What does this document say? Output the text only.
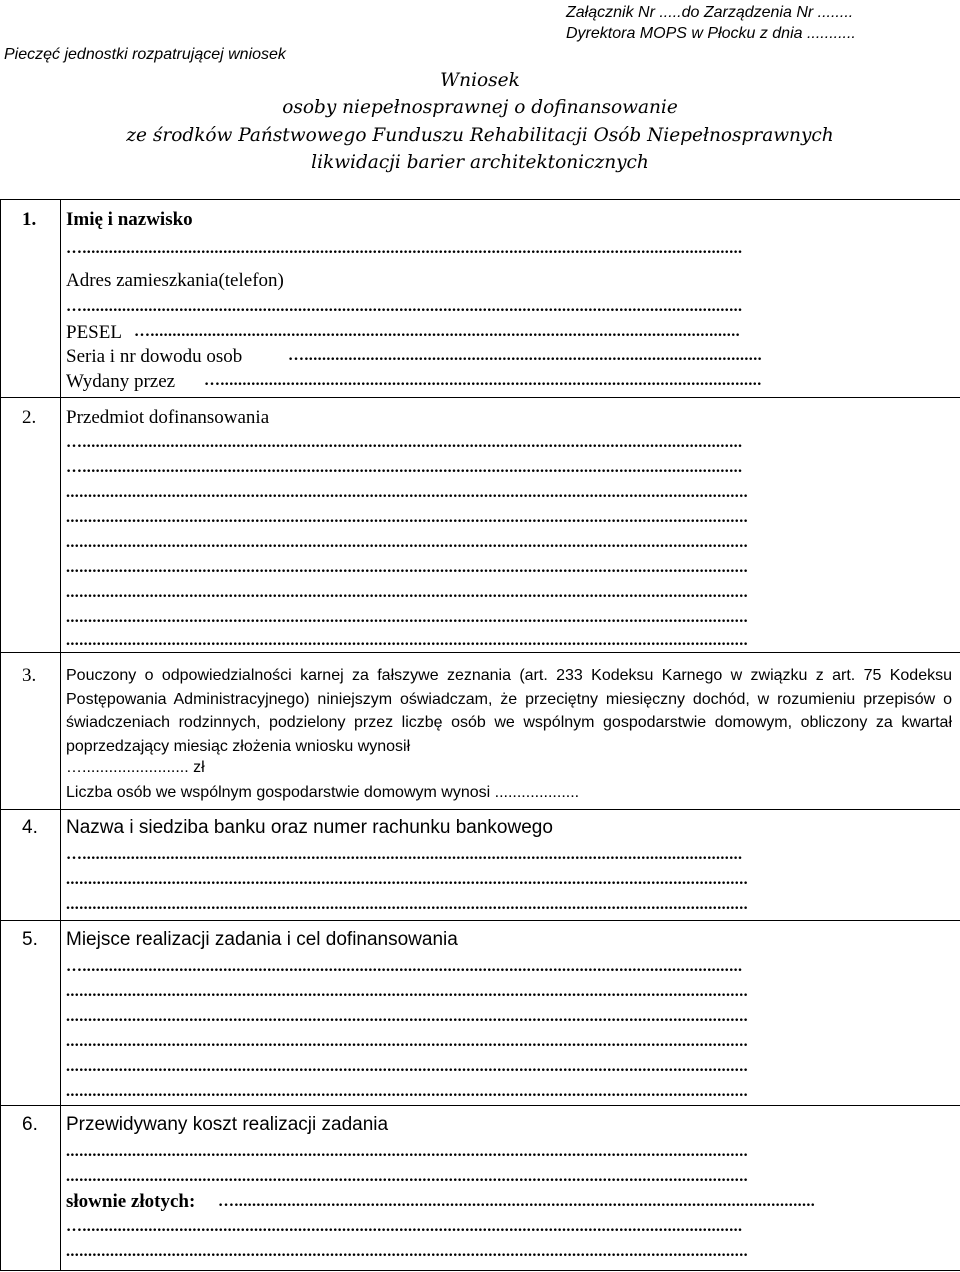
Załącznik Nr .....do Zarządzenia Nr ........
Dyrektora MOPS w Płocku z dnia ...........
Pieczęć jednostki rozpatrującej wniosek
Wniosek
osoby niepełnosprawnej o dofinansowanie
ze środków Państwowego Funduszu Rehabilitacji Osób Niepełnosprawnych
likwidacji barier architektonicznych

1. Imię i nazwisko
…......................................................................................................................................................
Adres zamieszkania(telefon)
…......................................................................................................................................................
PESEL …......................................................................................................................................
Seria i nr dowodu osob	…........................................................................................................
Wydany przez …...........................................................................................................................
2. Przedmiot dofinansowania
…......................................................................................................................................................
…......................................................................................................................................................
...........................................................................................................................................................
...........................................................................................................................................................
...........................................................................................................................................................
...........................................................................................................................................................
...........................................................................................................................................................
...........................................................................................................................................................
...........................................................................................................................................................
3. Pouczony o odpowiedzialności karnej za fałszywe zeznania (art. 233 Kodeksu Karnego w związku z art. 75 Kodeksu Postępowania Administracyjnego) niniejszym oświadczam, że przeciętny miesięczny dochód, w rozumieniu przepisów o świadczeniach rodzinnych, podzielony przez liczbę osób we wspólnym gospodarstwie domowym, obliczony za kwartał poprzedzający miesiąc złożenia wniosku wynosił
…........................ zł
Liczba osób we wspólnym gospodarstwie domowym wynosi ...................
4. Nazwa i siedziba banku oraz numer rachunku bankowego
…......................................................................................................................................................
...........................................................................................................................................................
...........................................................................................................................................................
5. Miejsce realizacji zadania i cel dofinansowania
…......................................................................................................................................................
...........................................................................................................................................................
...........................................................................................................................................................
...........................................................................................................................................................
...........................................................................................................................................................
...........................................................................................................................................................
6. Przewidywany koszt realizacji zadania
...........................................................................................................................................................
...........................................................................................................................................................
słownie złotych: …....................................................................................................................................
…......................................................................................................................................................
...........................................................................................................................................................
